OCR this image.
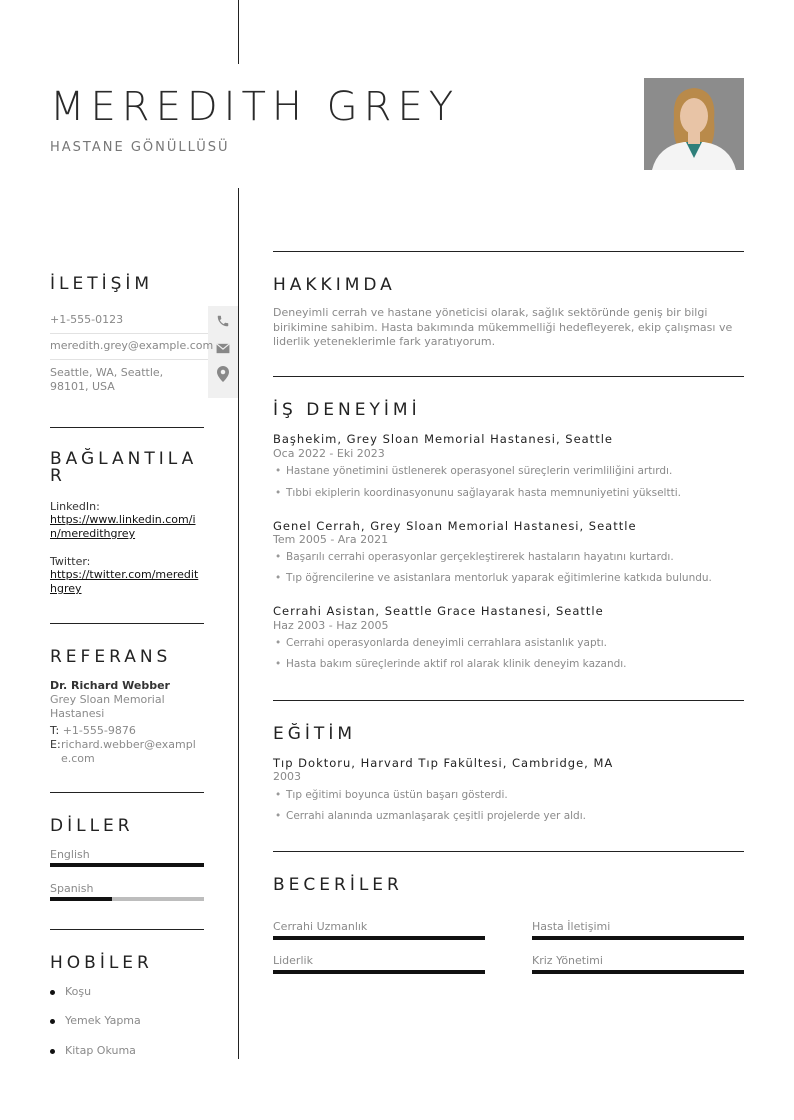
MEREDITH GREY
HASTANE GÖNÜLLÜSÜ
İLETİŞİM
+1-555-0123
meredith.grey@example.com
Seattle, WA, Seattle, 98101, USA
BAĞLANTILAR
LinkedIn:
https://www.linkedin.com/in/meredithgrey
Twitter:
https://twitter.com/meredithgrey
REFERANS
Dr. Richard Webber
Grey Sloan Memorial Hastanesi
T: +1-555-9876
E: richard.webber@example.com
DİLLER
English
Spanish
HOBİLER
Koşu
Yemek Yapma
Kitap Okuma
HAKKIMDA
Deneyimli cerrah ve hastane yöneticisi olarak, sağlık sektöründe geniş bir bilgi birikimine sahibim. Hasta bakımında mükemmelliği hedefleyerek, ekip çalışması ve liderlik yeteneklerimle fark yaratıyorum.
İŞ DENEYİMİ
Başhekim, Grey Sloan Memorial Hastanesi, Seattle
Oca 2022 - Eki 2023
• Hastane yönetimini üstlenerek operasyonel süreçlerin verimliliğini artırdı.
• Tıbbi ekiplerin koordinasyonunu sağlayarak hasta memnuniyetini yükseltti.
Genel Cerrah, Grey Sloan Memorial Hastanesi, Seattle
Tem 2005 - Ara 2021
• Başarılı cerrahi operasyonlar gerçekleştirerek hastaların hayatını kurtardı.
• Tıp öğrencilerine ve asistanlara mentorluk yaparak eğitimlerine katkıda bulundu.
Cerrahi Asistan, Seattle Grace Hastanesi, Seattle
Haz 2003 - Haz 2005
• Cerrahi operasyonlarda deneyimli cerrahlara asistanlık yaptı.
• Hasta bakım süreçlerinde aktif rol alarak klinik deneyim kazandı.
EĞİTİM
Tıp Doktoru, Harvard Tıp Fakültesi, Cambridge, MA
2003
• Tıp eğitimi boyunca üstün başarı gösterdi.
• Cerrahi alanında uzmanlaşarak çeşitli projelerde yer aldı.
BECERİLER
Cerrahi Uzmanlık	Hasta İletişimi
Liderlik	Kriz Yönetimi
